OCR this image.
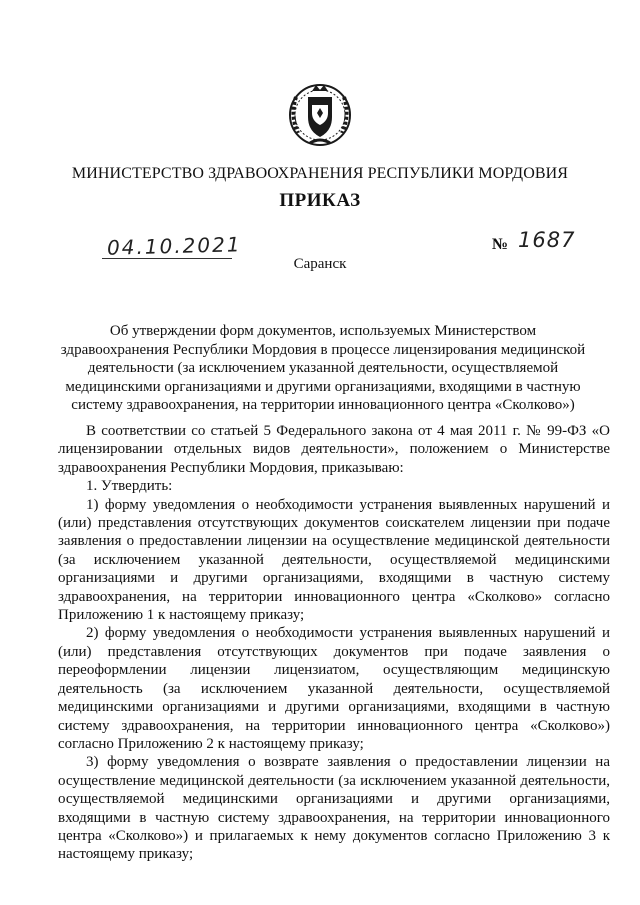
МИНИСТЕРСТВО ЗДРАВООХРАНЕНИЯ РЕСПУБЛИКИ МОРДОВИЯ
ПРИКАЗ
04.10.2021	№ 1687
Саранск
Об утверждении форм документов, используемых Министерством здравоохранения Республики Мордовия в процессе лицензирования медицинской деятельности (за исключением указанной деятельности, осуществляемой медицинскими организациями и другими организациями, входящими в частную систему здравоохранения, на территории инновационного центра «Сколково»)

В соответствии со статьей 5 Федерального закона от 4 мая 2011 г. № 99-ФЗ «О лицензировании отдельных видов деятельности», положением о Министерстве здравоохранения Республики Мордовия, приказываю:

1. Утвердить:

1) форму уведомления о необходимости устранения выявленных нарушений и (или) представления отсутствующих документов соискателем лицензии при подаче заявления о предоставлении лицензии на осуществление медицинской деятельности (за исключением указанной деятельности, осуществляемой медицинскими организациями и другими организациями, входящими в частную систему здравоохранения, на территории инновационного центра «Сколково» согласно Приложению 1 к настоящему приказу;

2) форму уведомления о необходимости устранения выявленных нарушений и (или) представления отсутствующих документов при подаче заявления о переоформлении лицензии лицензиатом, осуществляющим медицинскую деятельность (за исключением указанной деятельности, осуществляемой медицинскими организациями и другими организациями, входящими в частную систему здравоохранения, на территории инновационного центра «Сколково») согласно Приложению 2 к настоящему приказу;

3) форму уведомления о возврате заявления о предоставлении лицензии на осуществление медицинской деятельности (за исключением указанной деятельности, осуществляемой медицинскими организациями и другими организациями, входящими в частную систему здравоохранения, на территории инновационного центра «Сколково») и прилагаемых к нему документов согласно Приложению 3 к настоящему приказу;
